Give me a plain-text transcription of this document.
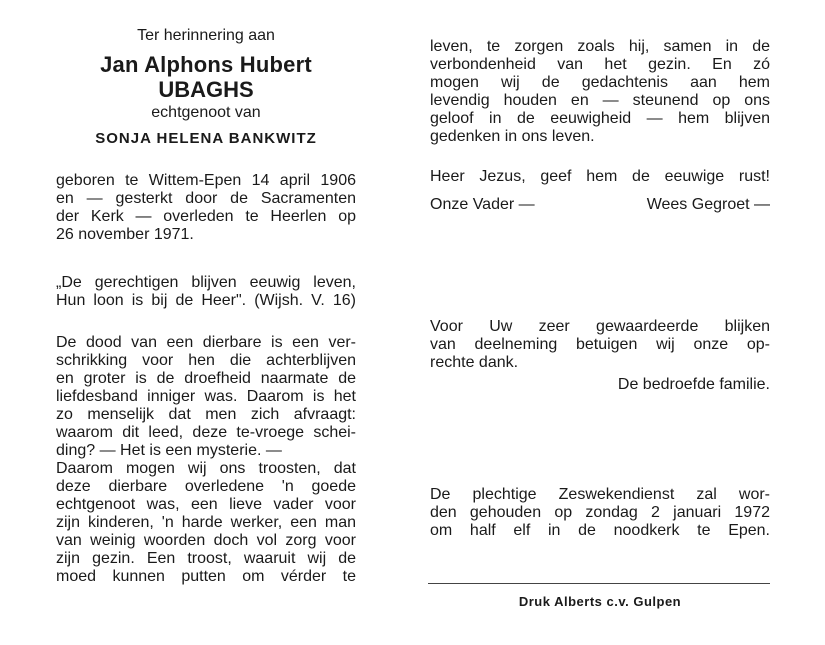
Ter herinnering aan
Jan Alphons Hubert
UBAGHS
echtgenoot van
SONJA HELENA BANKWITZ
geboren te Wittem-Epen 14 april 1906
en — gesterkt door de Sacramenten
der Kerk — overleden te Heerlen op
26 november 1971.
„De gerechtigen blijven eeuwig leven,
Hun loon is bij de Heer". (Wijsh. V. 16)
De dood van een dierbare is een ver-
schrikking voor hen die achterblijven
en groter is de droefheid naarmate de
liefdesband inniger was. Daarom is het
zo menselijk dat men zich afvraagt:
waarom dit leed, deze te-vroege schei-
ding? — Het is een mysterie. —
Daarom mogen wij ons troosten, dat
deze dierbare overledene 'n goede
echtgenoot was, een lieve vader voor
zijn kinderen, 'n harde werker, een man
van weinig woorden doch vol zorg voor
zijn gezin. Een troost, waaruit wij de
moed kunnen putten om vérder te
leven, te zorgen zoals hij, samen in de
verbondenheid van het gezin. En zó
mogen wij de gedachtenis aan hem
levendig houden en — steunend op ons
geloof in de eeuwigheid — hem blijven
gedenken in ons leven.
Heer Jezus, geef hem de eeuwige rust!
Onze Vader —	Wees Gegroet —
Voor Uw zeer gewaardeerde blijken
van deelneming betuigen wij onze op-
rechte dank.
De bedroefde familie.
De plechtige Zeswekendienst zal wor-
den gehouden op zondag 2 januari 1972
om half elf in de noodkerk te Epen.
Druk Alberts c.v. Gulpen
